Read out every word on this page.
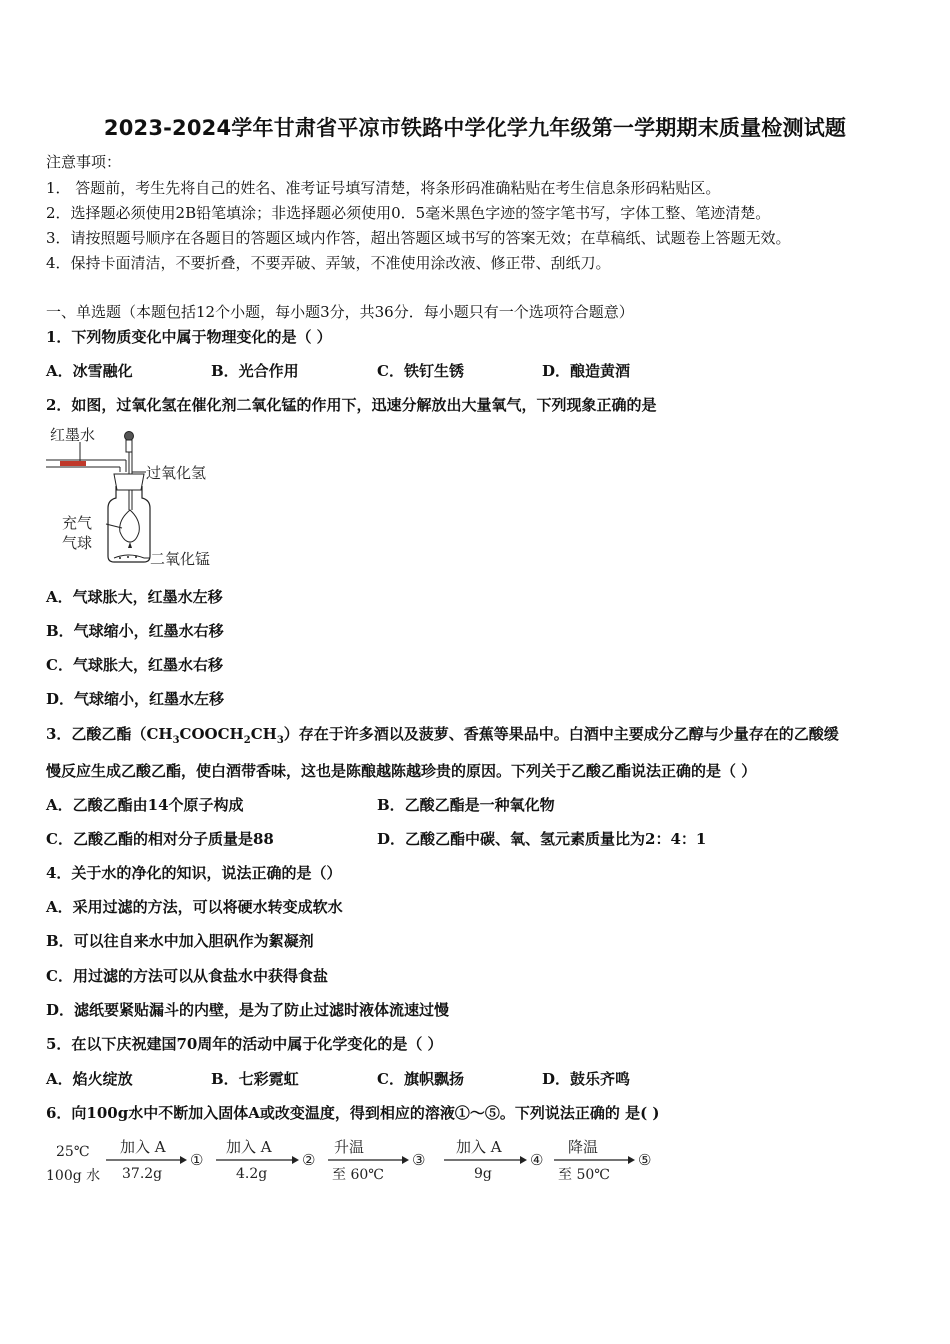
2023-2024学年甘肃省平凉市铁路中学化学九年级第一学期期末质量检测试题
注意事项：
1． 答题前，考生先将自己的姓名、准考证号填写清楚，将条形码准确粘贴在考生信息条形码粘贴区。
2．选择题必须使用2B铅笔填涂；非选择题必须使用0．5毫米黑色字迹的签字笔书写，字体工整、笔迹清楚。
3．请按照题号顺序在各题目的答题区域内作答，超出答题区域书写的答案无效；在草稿纸、试题卷上答题无效。
4．保持卡面清洁，不要折叠，不要弄破、弄皱，不准使用涂改液、修正带、刮纸刀。
一、单选题（本题包括12个小题，每小题3分，共36分．每小题只有一个选项符合题意）
1．下列物质变化中属于物理变化的是（ ）
A．冰雪融化	B．光合作用	C．铁钉生锈	D．酿造黄酒
2．如图，过氧化氢在催化剂二氧化锰的作用下，迅速分解放出大量氧气，下列现象正确的是
红墨水
过氧化氢
充气
气球
二氧化锰
A．气球胀大，红墨水左移
B．气球缩小，红墨水右移
C．气球胀大，红墨水右移
D．气球缩小，红墨水左移
3．乙酸乙酯$(CH_3COOCH_2CH_3)$存在于许多酒以及菠萝、香蕉等果品中。白酒中主要成分乙醇与少量存在的乙酸缓
慢反应生成乙酸乙酯，使白酒带香味，这也是陈酿越陈越珍贵的原因。下列关于乙酸乙酯说法正确的是（ ）
A．乙酸乙酯由14个原子构成	B．乙酸乙酯是一种氧化物
C．乙酸乙酯的相对分子质量是88	D．乙酸乙酯中碳、氧、氢元素质量比为2：4：1
4．关于水的净化的知识，说法正确的是（）
A．采用过滤的方法，可以将硬水转变成软水
B．可以往自来水中加入胆矾作为絮凝剂
C．用过滤的方法可以从食盐水中获得食盐
D．滤纸要紧贴漏斗的内壁，是为了防止过滤时液体流速过慢
5．在以下庆祝建国70周年的活动中属于化学变化的是（ ）
A．焰火绽放	B．七彩霓虹	C．旗帜飘扬	D．鼓乐齐鸣
6．向100g水中不断加入固体A或改变温度，得到相应的溶液①～⑤。下列说法正确的 是( )
25℃
100g 水
加入 A
37.2g
①
加入 A
4.2g
②
升温
至 60℃
③
加入 A
9g
④
降温
至 50℃
⑤
